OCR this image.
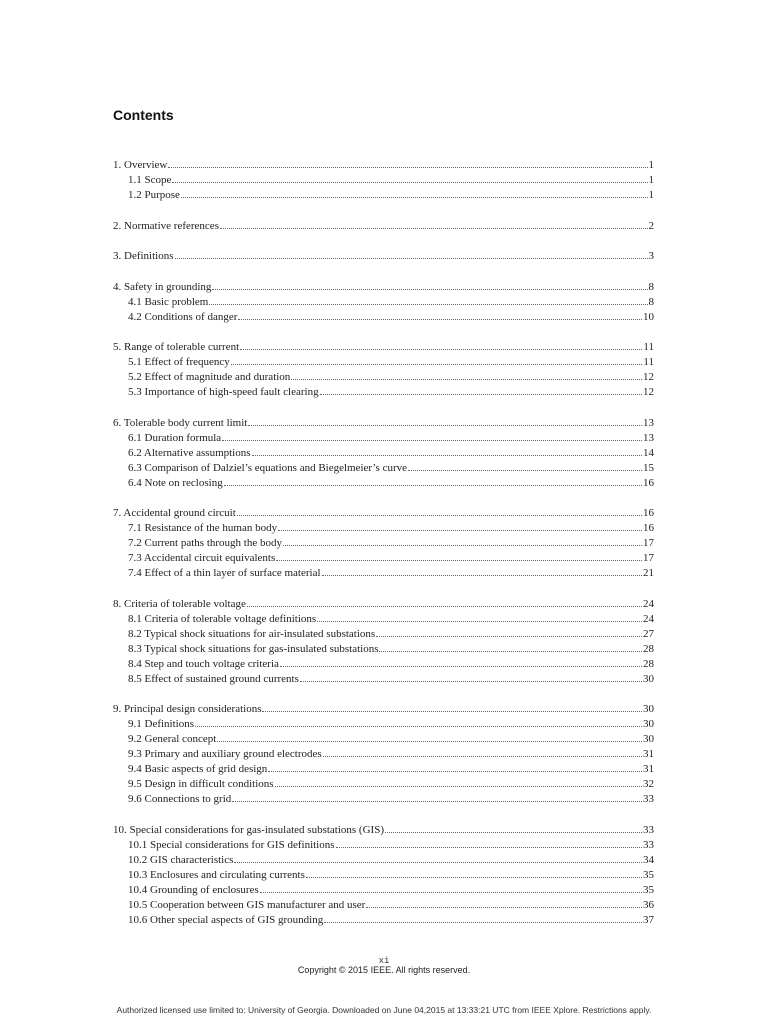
Contents
1. Overview	1
1.1 Scope	1
1.2 Purpose	1
2. Normative references	2
3. Definitions	3
4. Safety in grounding	8
4.1 Basic problem	8
4.2 Conditions of danger	10
5. Range of tolerable current	11
5.1 Effect of frequency	11
5.2 Effect of magnitude and duration	12
5.3 Importance of high-speed fault clearing	12
6. Tolerable body current limit	13
6.1 Duration formula	13
6.2 Alternative assumptions	14
6.3 Comparison of Dalziel’s equations and Biegelmeier’s curve	15
6.4 Note on reclosing	16
7. Accidental ground circuit	16
7.1 Resistance of the human body	16
7.2 Current paths through the body	17
7.3 Accidental circuit equivalents	17
7.4 Effect of a thin layer of surface material	21
8. Criteria of tolerable voltage	24
8.1 Criteria of tolerable voltage definitions	24
8.2 Typical shock situations for air-insulated substations	27
8.3 Typical shock situations for gas-insulated substations	28
8.4 Step and touch voltage criteria	28
8.5 Effect of sustained ground currents	30
9. Principal design considerations	30
9.1 Definitions	30
9.2 General concept	30
9.3 Primary and auxiliary ground electrodes	31
9.4 Basic aspects of grid design	31
9.5 Design in difficult conditions	32
9.6 Connections to grid	33
10. Special considerations for gas-insulated substations (GIS)	33
10.1 Special considerations for GIS definitions	33
10.2 GIS characteristics	34
10.3 Enclosures and circulating currents	35
10.4 Grounding of enclosures	35
10.5 Cooperation between GIS manufacturer and user	36
10.6 Other special aspects of GIS grounding	37
xi
Copyright © 2015 IEEE. All rights reserved.
Authorized licensed use limited to: University of Georgia. Downloaded on June 04,2015 at 13:33:21 UTC from IEEE Xplore. Restrictions apply.
